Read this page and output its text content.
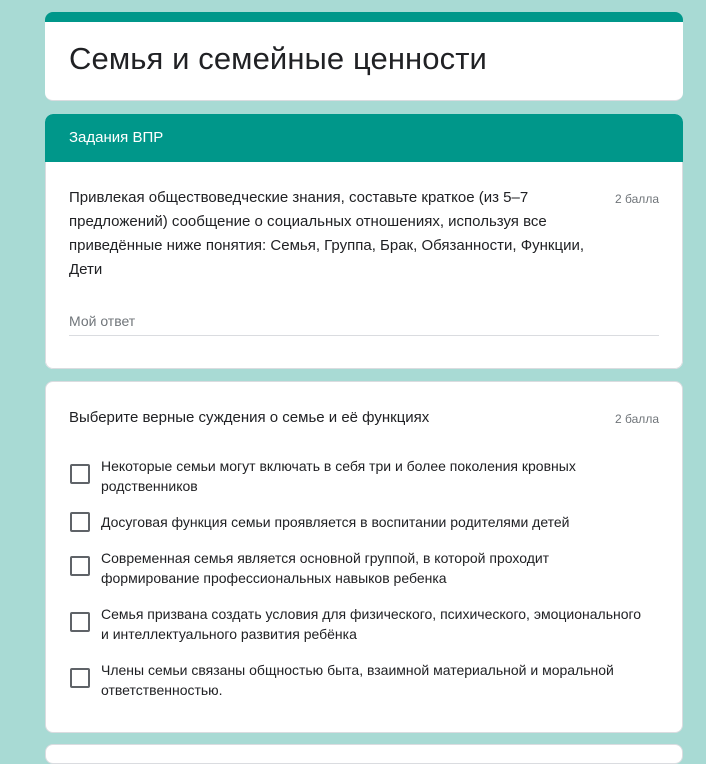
Семья и семейные ценности
Задания ВПР
Привлекая обществоведческие знания, составьте краткое (из 5–7 предложений) сообщение о социальных отношениях, используя все приведённые ниже понятия: Семья, Группа, Брак, Обязанности, Функции, Дети
2 балла
Мой ответ
Выберите верные суждения о семье и её функциях	2 балла
Некоторые семьи могут включать в себя три и более поколения кровных родственников
Досуговая функция семьи проявляется в воспитании родителями детей
Современная семья является основной группой, в которой проходит формирование профессиональных навыков ребенка
Семья призвана создать условия для физического, психического, эмоционального и интеллектуального развития ребёнка
Члены семьи связаны общностью быта, взаимной материальной и моральной ответственностью.
